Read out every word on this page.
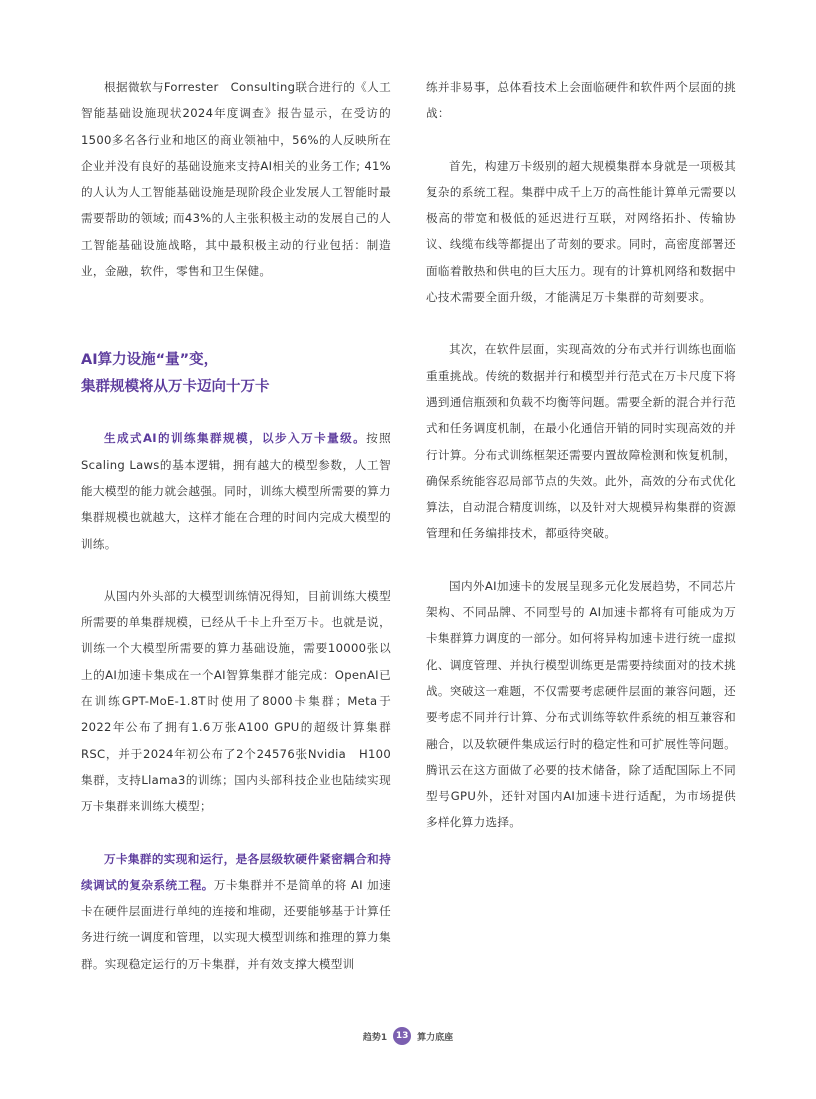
根据微软与Forrester　Consulting联合进行的《人工智能基础设施现状2024年度调查》报告显示，在受访的 1500多名各行业和地区的商业领袖中，56%的人反映所在企业并没有良好的基础设施来支持AI相关的业务工作; 41% 的人认为人工智能基础设施是现阶段企业发展人工智能时最需要帮助的领域; 而43%的人主张积极主动的发展自己的人工智能基础设施战略，其中最积极主动的行业包括：制造业，金融，软件，零售和卫生保健。

AI算力设施“量”变，
集群规模将从万卡迈向十万卡

生成式AI的训练集群规模，以步入万卡量级。按照Scaling Laws的基本逻辑，拥有越大的模型参数，人工智能大模型的能力就会越强。同时，训练大模型所需要的算力集群规模也就越大，这样才能在合理的时间内完成大模型的训练。

从国内外头部的大模型训练情况得知，目前训练大模型所需要的单集群规模，已经从千卡上升至万卡。也就是说，训练一个大模型所需要的算力基础设施，需要10000张以上的AI加速卡集成在一个AI智算集群才能完成：OpenAI已在训练GPT-MoE-1.8T时使用了8000卡集群；Meta于2022年公布了拥有1.6万张A100 GPU的超级计算集群 RSC，并于2024年初公布了2个24576张Nvidia　H100集群，支持Llama3的训练；国内头部科技企业也陆续实现万卡集群来训练大模型；

万卡集群的实现和运行，是各层级软硬件紧密耦合和持续调试的复杂系统工程。万卡集群并不是简单的将 AI 加速卡在硬件层面进行单纯的连接和堆砌，还要能够基于计算任务进行统一调度和管理，以实现大模型训练和推理的算力集群。实现稳定运行的万卡集群，并有效支撑大模型训

练并非易事，总体看技术上会面临硬件和软件两个层面的挑战：

首先，构建万卡级别的超大规模集群本身就是一项极其复杂的系统工程。集群中成千上万的高性能计算单元需要以极高的带宽和极低的延迟进行互联，对网络拓扑、传输协议、线缆布线等都提出了苛刻的要求。同时，高密度部署还面临着散热和供电的巨大压力。现有的计算机网络和数据中心技术需要全面升级，才能满足万卡集群的苛刻要求。

其次，在软件层面，实现高效的分布式并行训练也面临重重挑战。传统的数据并行和模型并行范式在万卡尺度下将遇到通信瓶颈和负载不均衡等问题。需要全新的混合并行范式和任务调度机制，在最小化通信开销的同时实现高效的并行计算。分布式训练框架还需要内置故障检测和恢复机制，确保系统能容忍局部节点的失效。此外，高效的分布式优化算法，自动混合精度训练，以及针对大规模异构集群的资源管理和任务编排技术，都亟待突破。

国内外AI加速卡的发展呈现多元化发展趋势，不同芯片架构、不同品牌、不同型号的 AI加速卡都将有可能成为万卡集群算力调度的一部分。如何将异构加速卡进行统一虚拟化、调度管理、并执行模型训练更是需要持续面对的技术挑战。突破这一难题，不仅需要考虑硬件层面的兼容问题，还要考虑不同并行计算、分布式训练等软件系统的相互兼容和融合，以及软硬件集成运行时的稳定性和可扩展性等问题。腾讯云在这方面做了必要的技术储备，除了适配国际上不同型号GPU外，还针对国内AI加速卡进行适配，为市场提供多样化算力选择。

趋势1 13 算力底座
